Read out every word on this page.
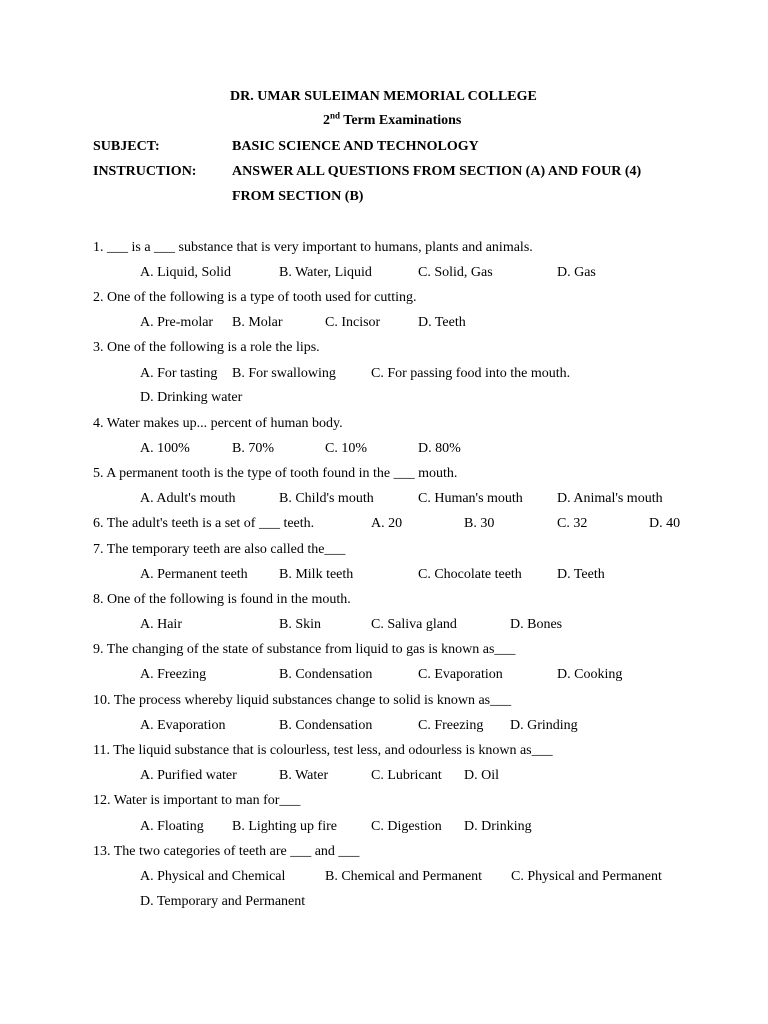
DR. UMAR SULEIMAN MEMORIAL COLLEGE
2nd Term Examinations
SUBJECT:	BASIC SCIENCE AND TECHNOLOGY
INSTRUCTION:	ANSWER ALL QUESTIONS FROM SECTION (A) AND FOUR (4)
FROM SECTION (B)
1. ___ is a ___ substance that is very important to humans, plants and animals.
A. Liquid, Solid	B. Water, Liquid	C. Solid, Gas	D. Gas
2. One of the following is a type of tooth used for cutting.
A. Pre-molar B. Molar	C. Incisor	D. Teeth
3. One of the following is a role the lips.
A. For tasting B. For swallowing	C. For passing food into the mouth.
D. Drinking water
4. Water makes up... percent of human body.
A. 100%	B. 70%	C. 10%	D. 80%
5. A permanent tooth is the type of tooth found in the ___ mouth.
A. Adult's mouth	B. Child's mouth	C. Human's mouth D. Animal's mouth
6. The adult's teeth is a set of ___ teeth.	A. 20	B. 30	C. 32	D. 40
7. The temporary teeth are also called the___
A. Permanent teeth B. Milk teeth	C. Chocolate teeth	D. Teeth
8. One of the following is found in the mouth.
A. Hair	B. Skin	C. Saliva gland	D. Bones
9. The changing of the state of substance from liquid to gas is known as___
A. Freezing	B. Condensation	C. Evaporation	D. Cooking
10. The process whereby liquid substances change to solid is known as___
A. Evaporation	B. Condensation	C. Freezing D. Grinding
11. The liquid substance that is colourless, test less, and odourless is known as___
A. Purified water	B. Water	C. Lubricant D. Oil
12. Water is important to man for___
A. Floating B. Lighting up fire C. Digestion D. Drinking
13. The two categories of teeth are ___ and ___
A. Physical and Chemical	B. Chemical and Permanent C. Physical and Permanent
D. Temporary and Permanent
